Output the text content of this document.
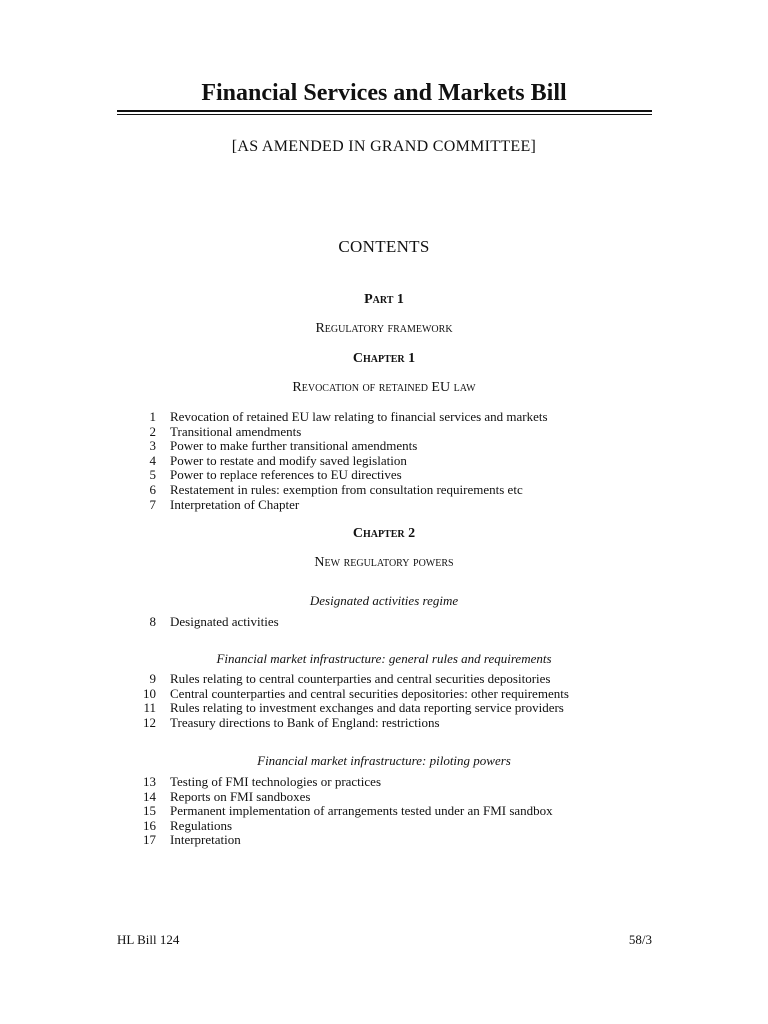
Financial Services and Markets Bill
[AS AMENDED IN GRAND COMMITTEE]
CONTENTS
Part 1
Regulatory framework
Chapter 1
Revocation of retained EU law
1 Revocation of retained EU law relating to financial services and markets
2 Transitional amendments
3 Power to make further transitional amendments
4 Power to restate and modify saved legislation
5 Power to replace references to EU directives
6 Restatement in rules: exemption from consultation requirements etc
7 Interpretation of Chapter
Chapter 2
New regulatory powers
Designated activities regime
8 Designated activities
Financial market infrastructure: general rules and requirements
9 Rules relating to central counterparties and central securities depositories
10 Central counterparties and central securities depositories: other requirements
11 Rules relating to investment exchanges and data reporting service providers
12 Treasury directions to Bank of England: restrictions
Financial market infrastructure: piloting powers
13 Testing of FMI technologies or practices
14 Reports on FMI sandboxes
15 Permanent implementation of arrangements tested under an FMI sandbox
16 Regulations
17 Interpretation
HL Bill 124	58/3
